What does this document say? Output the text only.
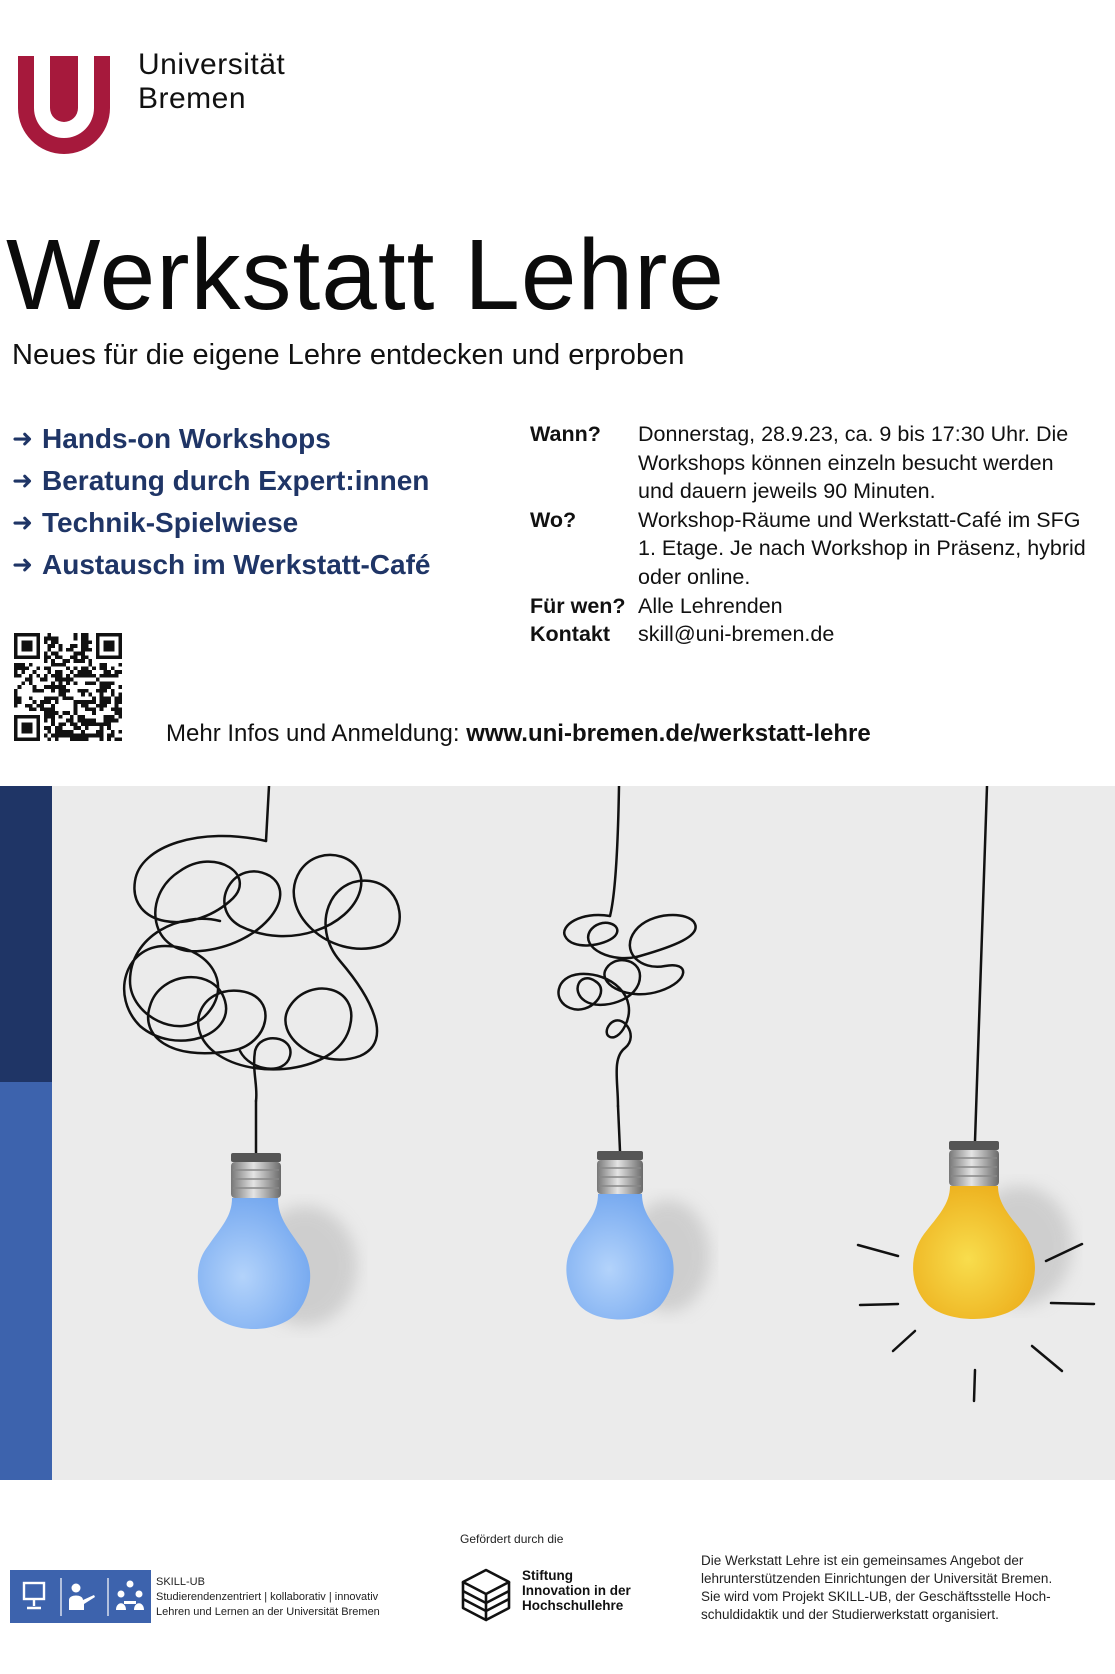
Universität
Bremen
Werkstatt Lehre
Neues für die eigene Lehre entdecken und erproben
➜ Hands-on Workshops
➜ Beratung durch Expert:innen
➜ Technik-Spielwiese
➜ Austausch im Werkstatt-Café
Wann?	Donnerstag, 28.9.23, ca. 9 bis 17:30 Uhr. Die Workshops können einzeln besucht werden und dauern jeweils 90 Minuten.
Wo?	Workshop-Räume und Werkstatt-Café im SFG 1. Etage. Je nach Workshop in Präsenz, hybrid oder online.
Für wen? Alle Lehrenden
Kontakt	skill@uni-bremen.de
Mehr Infos und Anmeldung: www.uni-bremen.de/werkstatt-lehre
SKILL-UB
Studierendenzentriert | kollaborativ | innovativ
Lehren und Lernen an der Universität Bremen
Gefördert durch die
Stiftung
Innovation in der
Hochschullehre
Die Werkstatt Lehre ist ein gemeinsames Angebot der
lehrunterstützenden Einrichtungen der Universität Bremen.
Sie wird vom Projekt SKILL-UB, der Geschäftsstelle Hoch-
schuldidaktik und der Studierwerkstatt organisiert.
